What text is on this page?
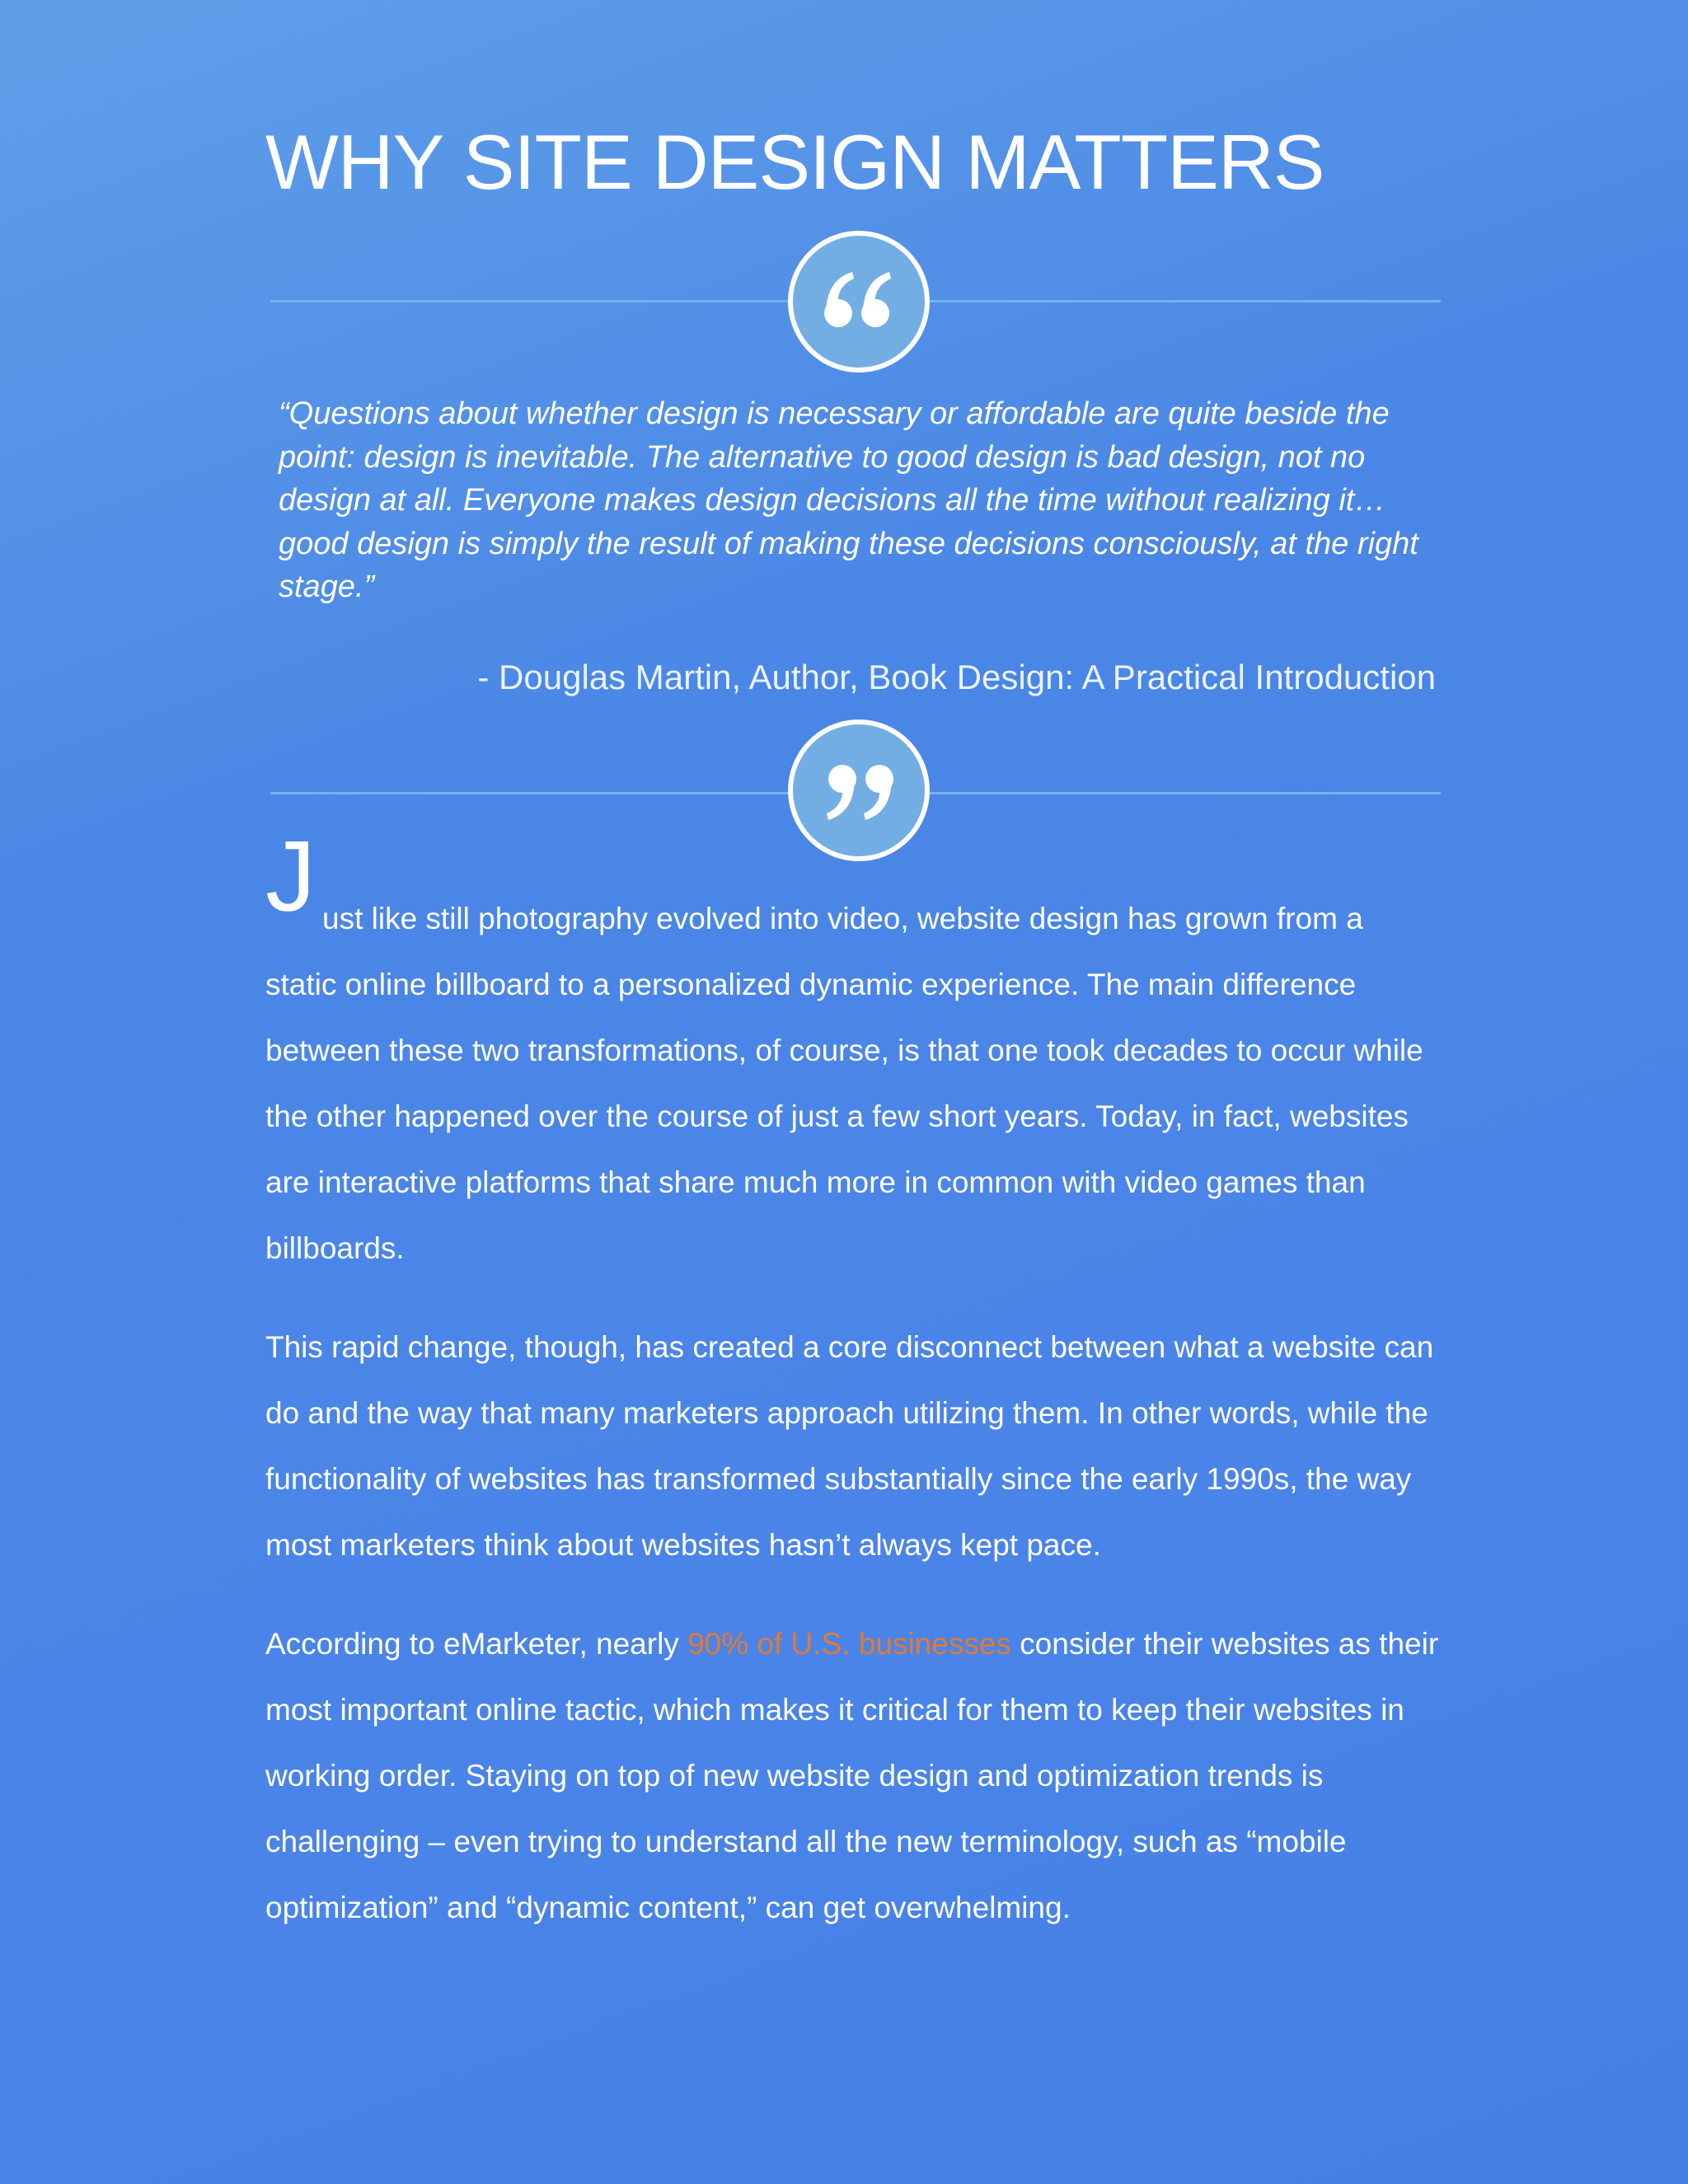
WHY SITE DESIGN MATTERS

“Questions about whether design is necessary or affordable are quite beside the point: design is inevitable. The alternative to good design is bad design, not no design at all. Everyone makes design decisions all the time without realizing it… good design is simply the result of making these decisions consciously, at the right stage.”

- Douglas Martin, Author, Book Design: A Practical Introduction

Just like still photography evolved into video, website design has grown from a static online billboard to a personalized dynamic experience. The main difference between these two transformations, of course, is that one took decades to occur while the other happened over the course of just a few short years. Today, in fact, websites are interactive platforms that share much more in common with video games than billboards.

This rapid change, though, has created a core disconnect between what a website can do and the way that many marketers approach utilizing them. In other words, while the functionality of websites has transformed substantially since the early 1990s, the way most marketers think about websites hasn’t always kept pace.

According to eMarketer, nearly 90% of U.S. businesses consider their websites as their most important online tactic, which makes it critical for them to keep their websites in working order. Staying on top of new website design and optimization trends is challenging – even trying to understand all the new terminology, such as “mobile optimization” and “dynamic content,” can get overwhelming.
